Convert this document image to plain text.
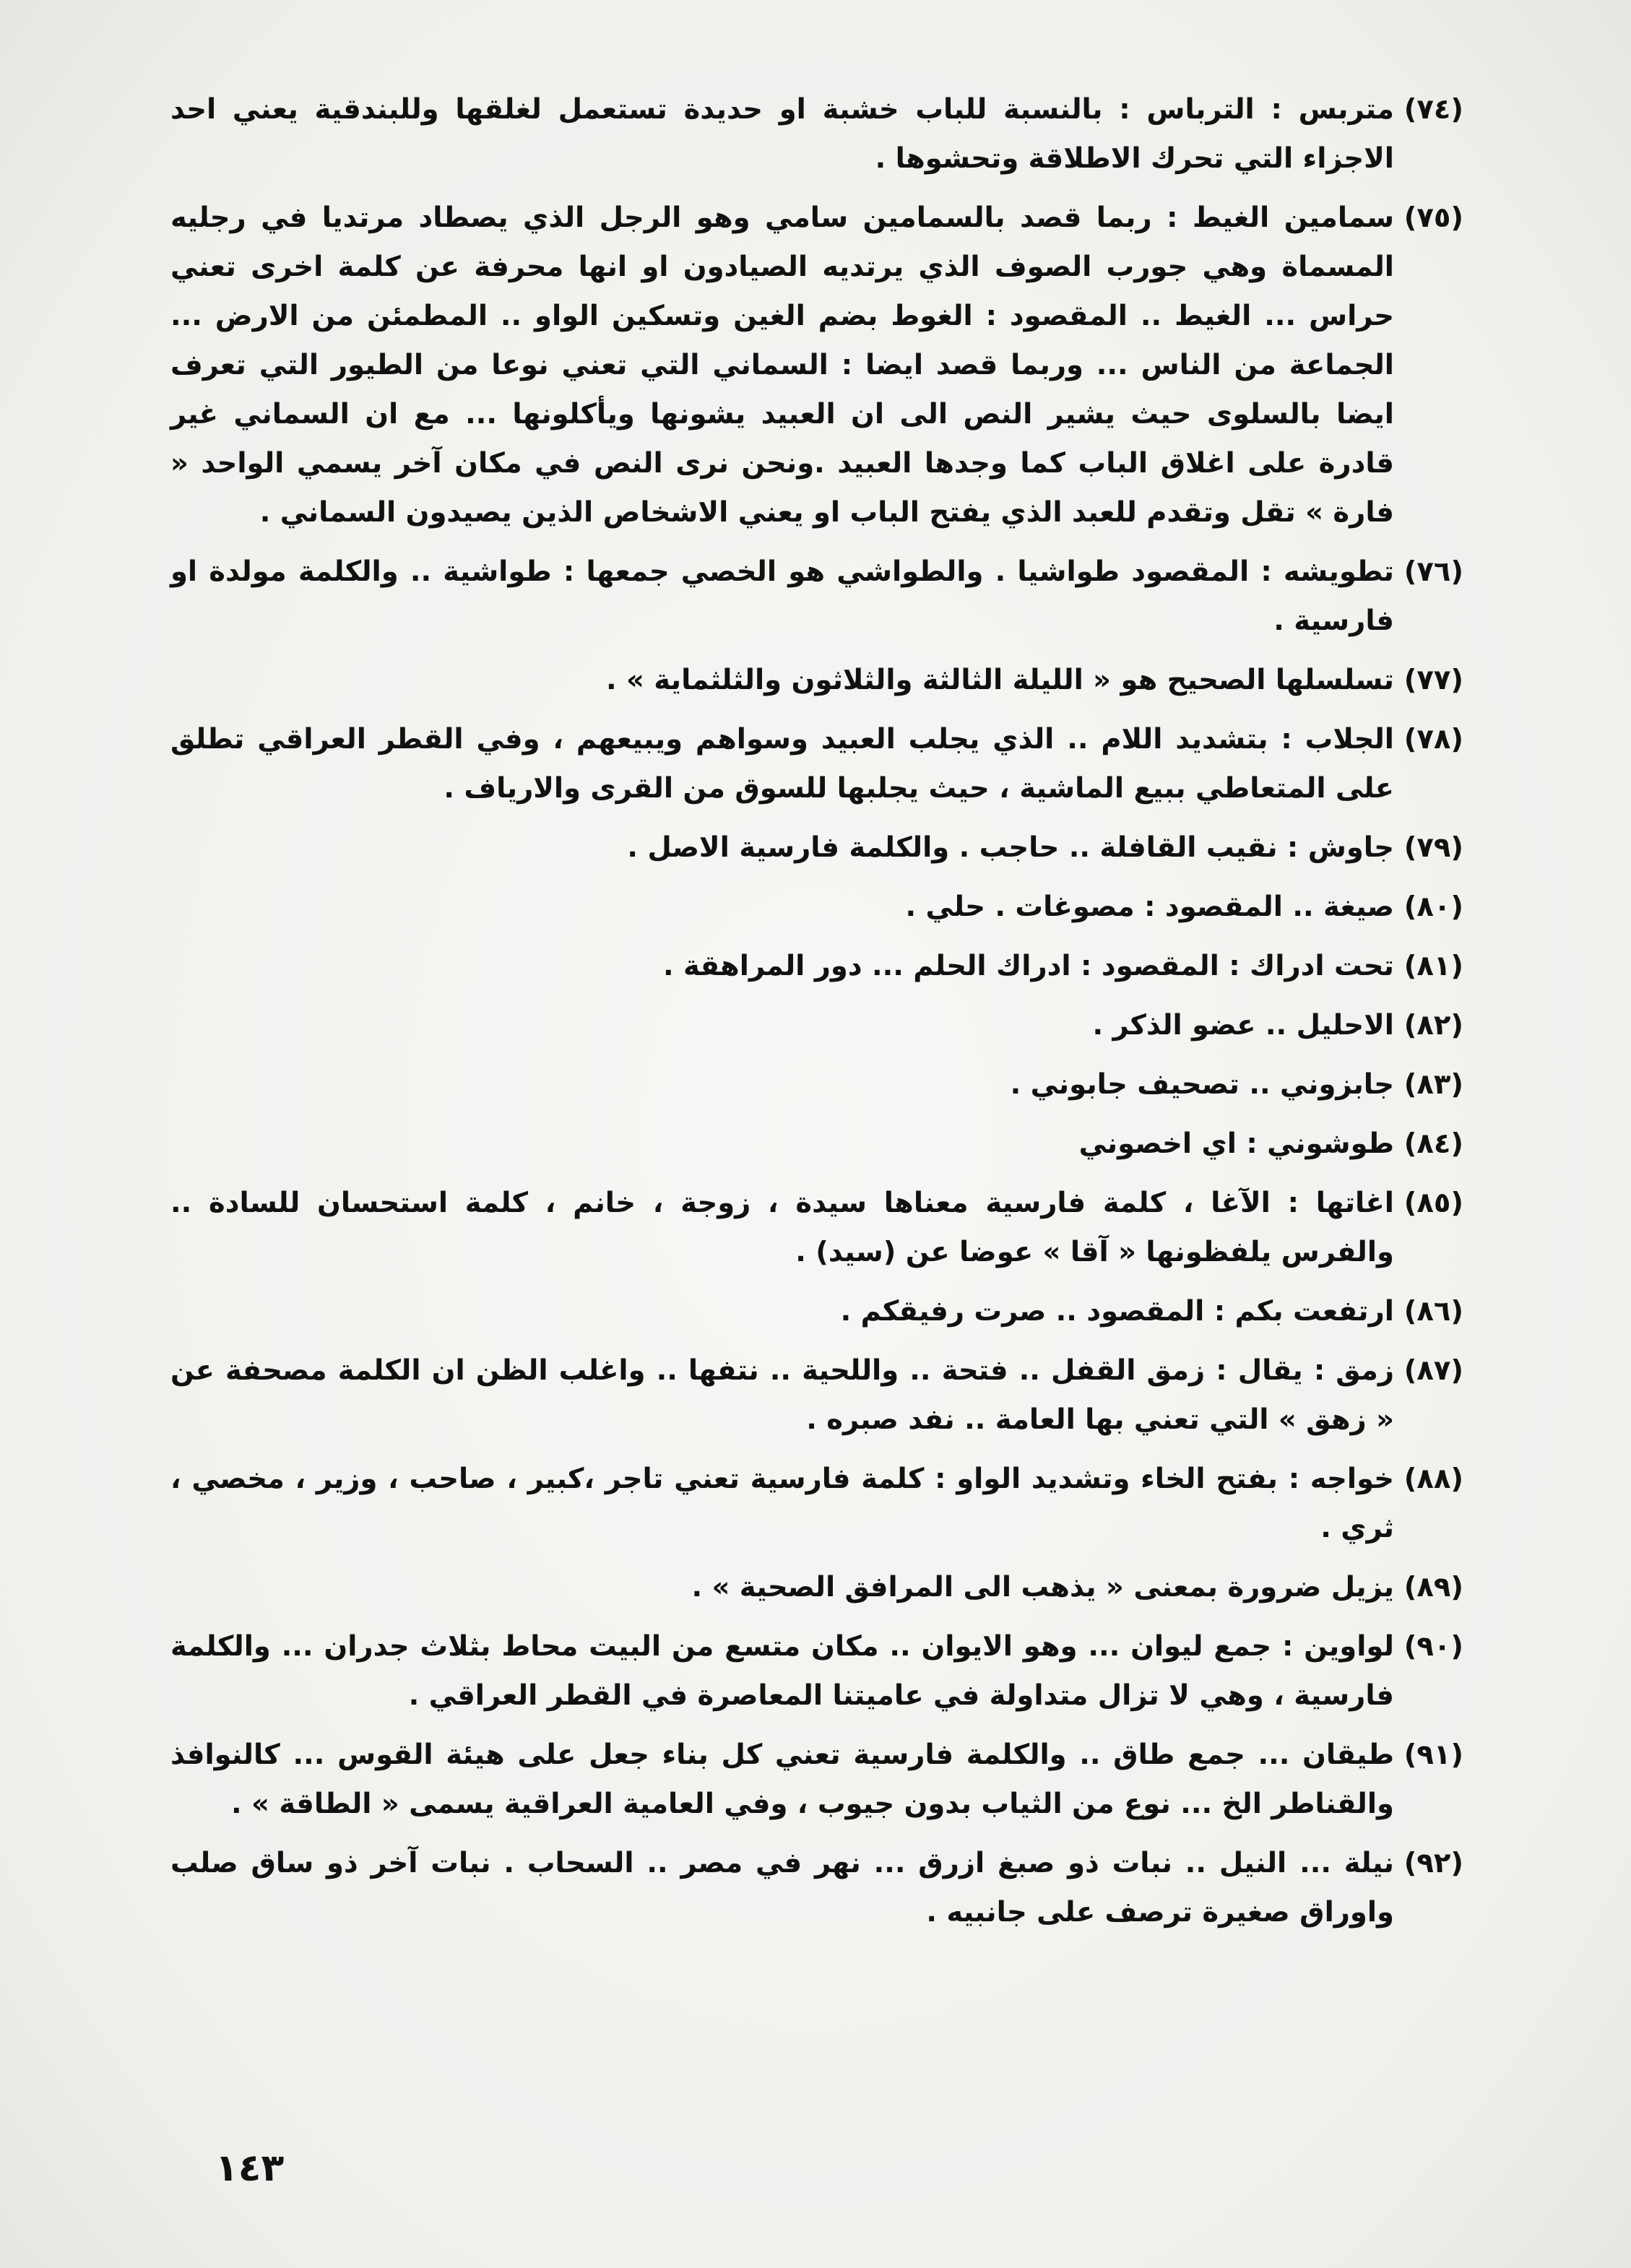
(٧٤)
متربس : الترباس : بالنسبة للباب خشبة او حديدة تستعمل لغلقها وللبندقية يعني احد الاجزاء التي تحرك الاطلاقة وتحشوها .
(٧٥)
سمامين الغيط : ربما قصد بالسمامين سامي وهو الرجل الذي يصطاد مرتديا في رجليه المسماة وهي جورب الصوف الذي يرتديه الصيادون او انها محرفة عن كلمة اخرى تعني حراس ... الغيط .. المقصود : الغوط بضم الغين وتسكين الواو .. المطمئن من الارض ... الجماعة من الناس ... وربما قصد ايضا : السماني التي تعني نوعا من الطيور التي تعرف ايضا بالسلوى حيث يشير النص الى ان العبيد يشونها ويأكلونها ... مع ان السماني غير قادرة على اغلاق الباب كما وجدها العبيد .ونحن نرى النص في مكان آخر يسمي الواحد « فارة » تقل وتقدم للعبد الذي يفتح الباب او يعني الاشخاص الذين يصيدون السماني .
(٧٦)
تطويشه : المقصود طواشيا . والطواشي هو الخصي جمعها : طواشية .. والكلمة مولدة او فارسية .
(٧٧)
تسلسلها الصحيح هو « الليلة الثالثة والثلاثون والثلثماية » .
(٧٨)
الجلاب : بتشديد اللام .. الذي يجلب العبيد وسواهم ويبيعهم ، وفي القطر العراقي تطلق على المتعاطي ببيع الماشية ، حيث يجلبها للسوق من القرى والارياف .
(٧٩)
جاوش : نقيب القافلة .. حاجب . والكلمة فارسية الاصل .
(٨٠)
صيغة .. المقصود : مصوغات . حلي .
(٨١)
تحت ادراك : المقصود : ادراك الحلم ... دور المراهقة .
(٨٢)
الاحليل .. عضو الذكر .
(٨٣)
جابزوني .. تصحيف جابوني .
(٨٤)
طوشوني : اي اخصوني
(٨٥)
اغاتها : الآغا ، كلمة فارسية معناها سيدة ، زوجة ، خانم ، كلمة استحسان للسادة .. والفرس يلفظونها « آقا » عوضا عن (سيد) .
(٨٦)
ارتفعت بكم : المقصود .. صرت رفيقكم .
(٨٧)
زمق : يقال : زمق القفل .. فتحة .. واللحية .. نتفها .. واغلب الظن ان الكلمة مصحفة عن « زهق » التي تعني بها العامة .. نفد صبره .
(٨٨)
خواجه : بفتح الخاء وتشديد الواو : كلمة فارسية تعني تاجر ،كبير ، صاحب ، وزير ، مخصي ، ثري .
(٨٩)
يزيل ضرورة بمعنى « يذهب الى المرافق الصحية » .
(٩٠)
لواوين : جمع ليوان ... وهو الايوان .. مكان متسع من البيت محاط بثلاث جدران ... والكلمة فارسية ، وهي لا تزال متداولة في عاميتنا المعاصرة في القطر العراقي .
(٩١)
طيقان ... جمع طاق .. والكلمة فارسية تعني كل بناء جعل على هيئة القوس ... كالنوافذ والقناطر الخ ... نوع من الثياب بدون جيوب ، وفي العامية العراقية يسمى « الطاقة » .
(٩٢)
نيلة ... النيل .. نبات ذو صبغ ازرق ... نهر في مصر .. السحاب . نبات آخر ذو ساق صلب واوراق صغيرة ترصف على جانبيه .
١٤٣
